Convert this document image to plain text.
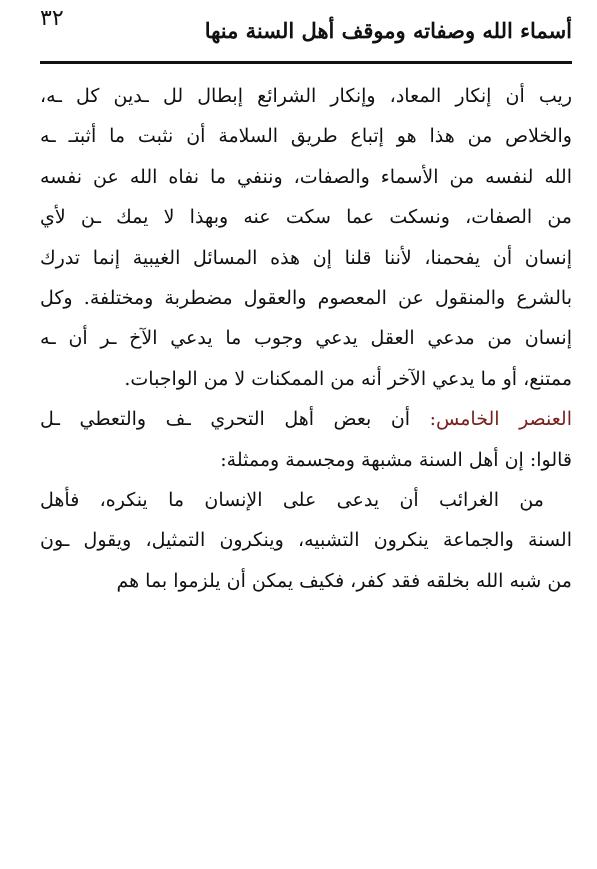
٣٢	أسماء الله وصفاته وموقف أهل السنة منها
ريب أن إنكار المعاد، وإنكار الشرائع إبطال لل ـدين كل ـه،
والخلاص من هذا هو إتباع طريق السلامة أن نثبت ما أثبتـ ـه
الله لنفسه من الأسماء والصفات، وننفي ما نفاه الله عن نفسه
من الصفات، ونسكت عما سكت عنه وبهذا لا يمك ـن لأي
إنسان أن يفحمنا، لأننا قلنا إن هذه المسائل الغيبية إنما تدرك
بالشرع والمنقول عن المعصوم والعقول مضطربة ومختلفة. وكل
إنسان من مدعي العقل يدعي وجوب ما يدعي الآخ ـر أن ـه
ممتنع، أو ما يدعي الآخر أنه من الممكنات لا من الواجبات.
العنصر الخامس: أن بعض أهل التحري ـف والتعطي ـل
قالوا: إن أهل السنة مشبهة ومجسمة وممثلة:
من الغرائب أن يدعى على الإنسان ما ينكره، فأهل
السنة والجماعة ينكرون التشبيه، وينكرون التمثيل، ويقول ـون
من شبه الله بخلقه فقد كفر، فكيف يمكن أن يلزموا بما هم
